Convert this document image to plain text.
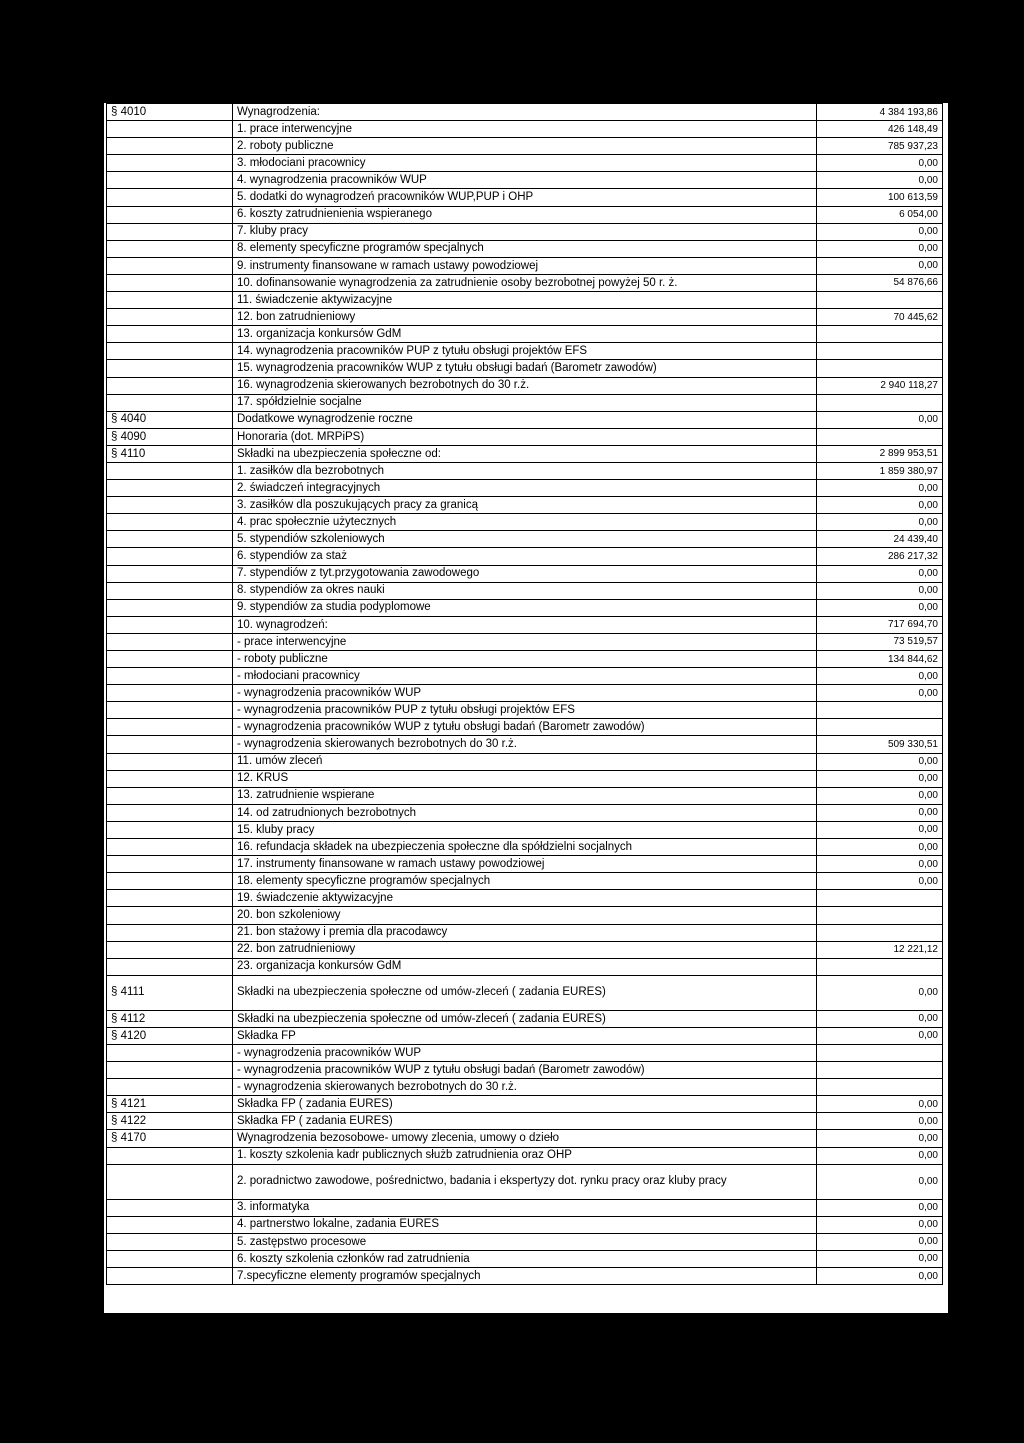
§ 4010	Wynagrodzenia:	4 384 193,86
	1. prace interwencyjne	426 148,49
	2. roboty publiczne	785 937,23
	3. młodociani pracownicy	0,00
	4. wynagrodzenia pracowników WUP	0,00
	5. dodatki do wynagrodzeń pracowników WUP,PUP i OHP	100 613,59
	6. koszty zatrudnienienia wspieranego	6 054,00
	7. kluby pracy	0,00
	8. elementy specyficzne programów specjalnych	0,00
	9. instrumenty finansowane w ramach ustawy powodziowej	0,00
	10. dofinansowanie wynagrodzenia za zatrudnienie osoby bezrobotnej powyżej 50 r. ż.	54 876,66
	11. świadczenie aktywizacyjne	
	12. bon zatrudnieniowy	70 445,62
	13. organizacja konkursów GdM	
	14. wynagrodzenia pracowników PUP z tytułu obsługi projektów EFS	
	15. wynagrodzenia pracowników WUP z tytułu obsługi badań (Barometr zawodów)	
	16. wynagrodzenia skierowanych bezrobotnych do 30 r.ż.	2 940 118,27
	17. spółdzielnie socjalne	
§ 4040	Dodatkowe wynagrodzenie roczne	0,00
§ 4090	Honoraria (dot. MRPiPS)	
§ 4110	Składki na ubezpieczenia społeczne od:	2 899 953,51
	1. zasiłków dla bezrobotnych	1 859 380,97
	2. świadczeń integracyjnych	0,00
	3. zasiłków dla poszukujących pracy za granicą	0,00
	4. prac społecznie użytecznych	0,00
	5. stypendiów szkoleniowych	24 439,40
	6. stypendiów za staż	286 217,32
	7. stypendiów z tyt.przygotowania zawodowego	0,00
	8. stypendiów za okres nauki	0,00
	9. stypendiów za studia podyplomowe	0,00
	10. wynagrodzeń:	717 694,70
	- prace interwencyjne	73 519,57
	- roboty publiczne	134 844,62
	- młodociani pracownicy	0,00
	- wynagrodzenia pracowników WUP	0,00
	- wynagrodzenia pracowników PUP z tytułu obsługi projektów EFS	
	- wynagrodzenia pracowników WUP z tytułu obsługi badań (Barometr zawodów)	
	- wynagrodzenia skierowanych bezrobotnych do 30 r.ż.	509 330,51
	11. umów zleceń	0,00
	12. KRUS	0,00
	13. zatrudnienie wspierane	0,00
	14. od zatrudnionych bezrobotnych	0,00
	15. kluby pracy	0,00
	16. refundacja składek na ubezpieczenia społeczne dla spółdzielni socjalnych	0,00
	17. instrumenty finansowane w ramach ustawy powodziowej	0,00
	18. elementy specyficzne programów specjalnych	0,00
	19. świadczenie aktywizacyjne	
	20. bon szkoleniowy	
	21. bon stażowy i premia dla pracodawcy	
	22. bon zatrudnieniowy	12 221,12
	23. organizacja konkursów GdM	
§ 4111	Składki na ubezpieczenia społeczne od umów-zleceń ( zadania EURES)	0,00
§ 4112	Składki na ubezpieczenia społeczne od umów-zleceń ( zadania EURES)	0,00
§ 4120	Składka FP	0,00
	- wynagrodzenia pracowników WUP	
	- wynagrodzenia pracowników WUP z tytułu obsługi badań (Barometr zawodów)	
	- wynagrodzenia skierowanych bezrobotnych do 30 r.ż.	
§ 4121	Składka FP ( zadania EURES)	0,00
§ 4122	Składka FP ( zadania EURES)	0,00
§ 4170	Wynagrodzenia bezosobowe- umowy zlecenia, umowy o dzieło	0,00
	1. koszty szkolenia kadr publicznych służb zatrudnienia oraz OHP	0,00
	2. poradnictwo zawodowe, pośrednictwo, badania i ekspertyzy dot. rynku pracy oraz kluby pracy	0,00
	3. informatyka	0,00
	4. partnerstwo lokalne, zadania EURES	0,00
	5. zastępstwo procesowe	0,00
	6. koszty szkolenia członków rad zatrudnienia	0,00
	7.specyficzne elementy programów specjalnych	0,00
